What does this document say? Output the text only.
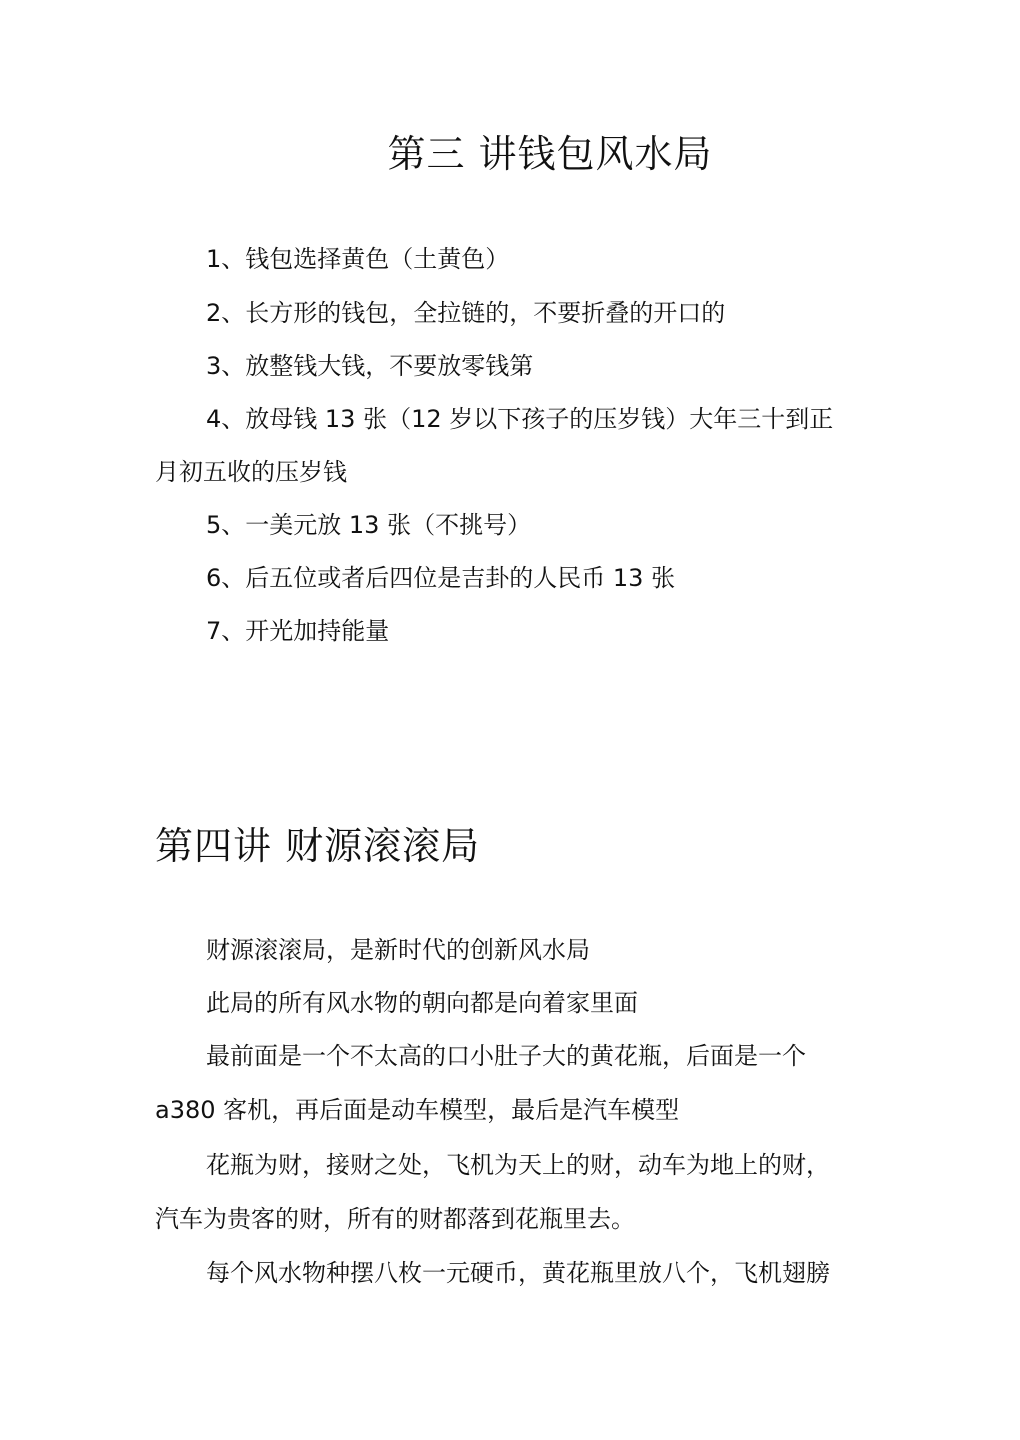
第三 讲钱包风水局

1、钱包选择黄色（土黄色）

2、长方形的钱包，全拉链的，不要折叠的开口的

3、放整钱大钱，不要放零钱第

4、放母钱 13 张（12 岁以下孩子的压岁钱）大年三十到正

月初五收的压岁钱

5、一美元放 13 张（不挑号）

6、后五位或者后四位是吉卦的人民币 13 张

7、开光加持能量

第四讲 财源滚滚局

财源滚滚局，是新时代的创新风水局

此局的所有风水物的朝向都是向着家里面

最前面是一个不太高的口小肚子大的黄花瓶，后面是一个

a380 客机，再后面是动车模型，最后是汽车模型

花瓶为财，接财之处，飞机为天上的财，动车为地上的财，

汽车为贵客的财，所有的财都落到花瓶里去。

每个风水物种摆八枚一元硬币，黄花瓶里放八个，飞机翅膀
